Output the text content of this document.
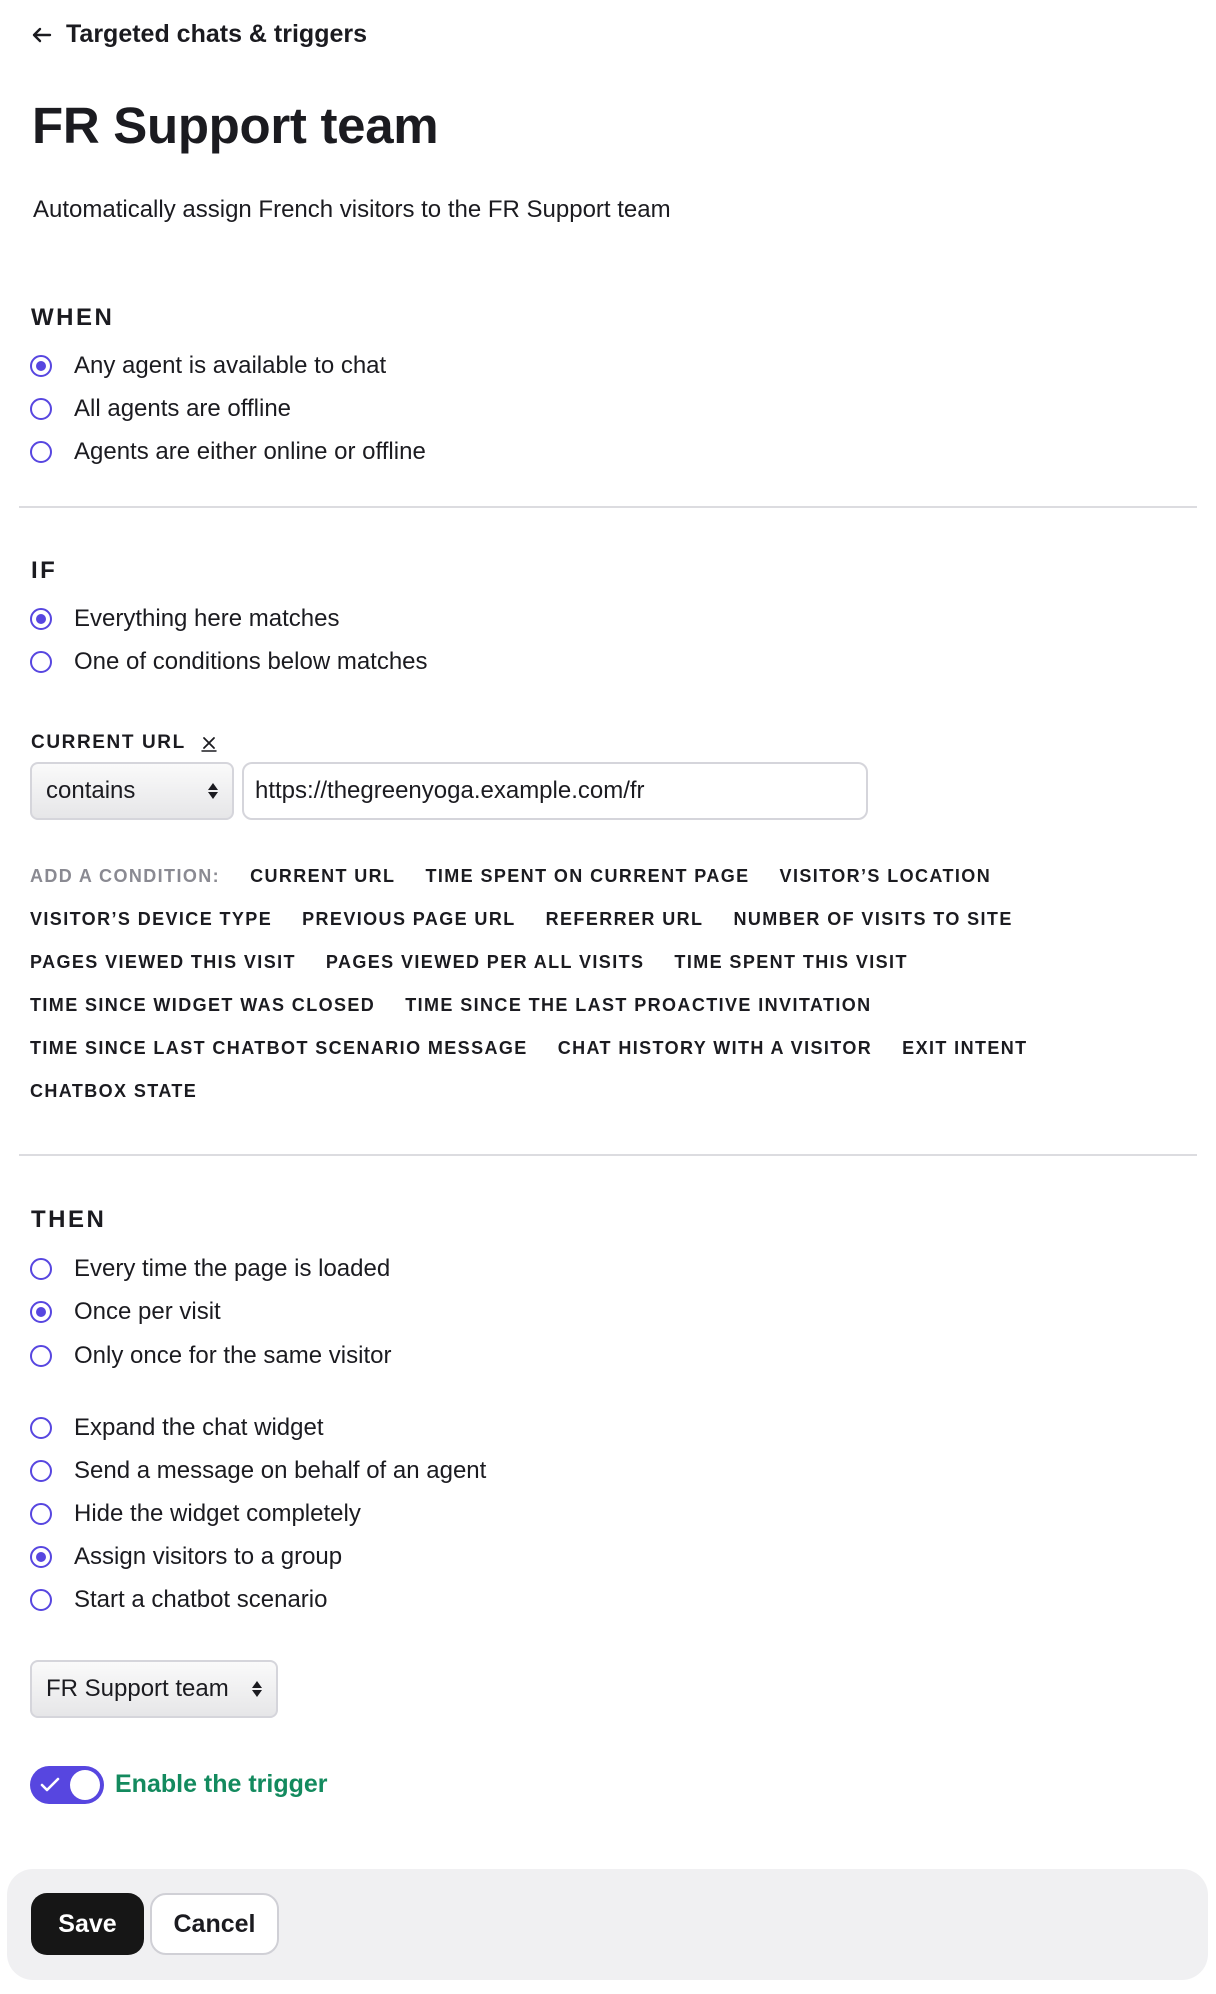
Targeted chats & triggers
FR Support team

Automatically assign French visitors to the FR Support team

WHEN
Any agent is available to chat
All agents are offline
Agents are either online or offline
IF
Everything here matches
One of conditions below matches
CURRENT URL
contains
https://thegreenyoga.example.com/fr
ADD A CONDITION: CURRENT URL TIME SPENT ON CURRENT PAGE VISITOR’S LOCATION
VISITOR’S DEVICE TYPE PREVIOUS PAGE URL REFERRER URL NUMBER OF VISITS TO SITE
PAGES VIEWED THIS VISIT PAGES VIEWED PER ALL VISITS TIME SPENT THIS VISIT
TIME SINCE WIDGET WAS CLOSED TIME SINCE THE LAST PROACTIVE INVITATION
TIME SINCE LAST CHATBOT SCENARIO MESSAGE CHAT HISTORY WITH A VISITOR EXIT INTENT
CHATBOX STATE
THEN
Every time the page is loaded
Once per visit
Only once for the same visitor
Expand the chat widget
Send a message on behalf of an agent
Hide the widget completely
Assign visitors to a group
Start a chatbot scenario
FR Support team
Enable the trigger
Save	Cancel
